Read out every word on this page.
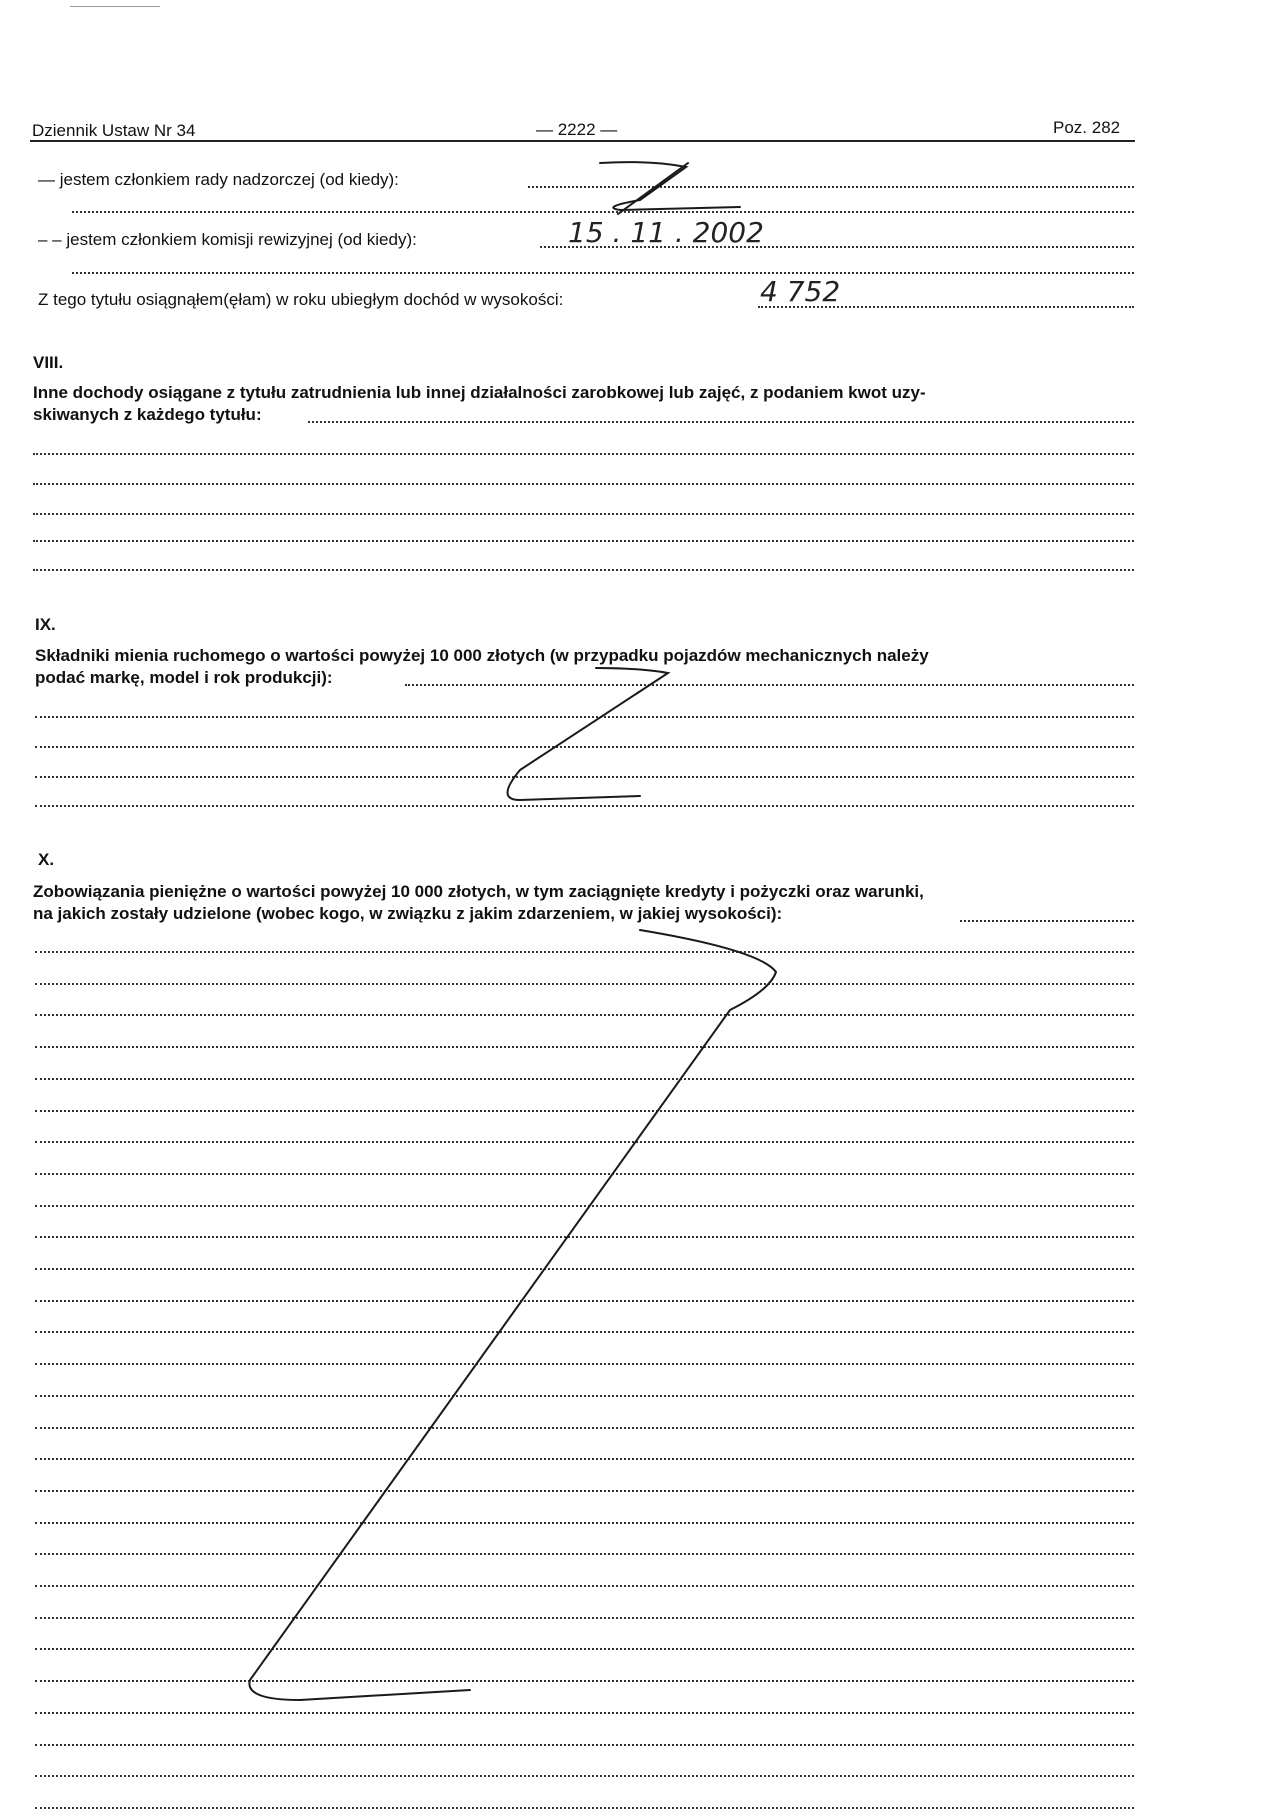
Dziennik Ustaw Nr 34	— 2222 —	Poz. 282
— jestem członkiem rady nadzorczej (od kiedy):
– – jestem członkiem komisji rewizyjnej (od kiedy):	15 . 11 . 2002
Z tego tytułu osiągnąłem(ęłam) w roku ubiegłym dochód w wysokości:	4 752
VIII.
Inne dochody osiągane z tytułu zatrudnienia lub innej działalności zarobkowej lub zajęć, z podaniem kwot uzy-
skiwanych z każdego tytułu:
IX.
Składniki mienia ruchomego o wartości powyżej 10 000 złotych (w przypadku pojazdów mechanicznych należy
podać markę, model i rok produkcji):
X.
Zobowiązania pieniężne o wartości powyżej 10 000 złotych, w tym zaciągnięte kredyty i pożyczki oraz warunki,
na jakich zostały udzielone (wobec kogo, w związku z jakim zdarzeniem, w jakiej wysokości):
